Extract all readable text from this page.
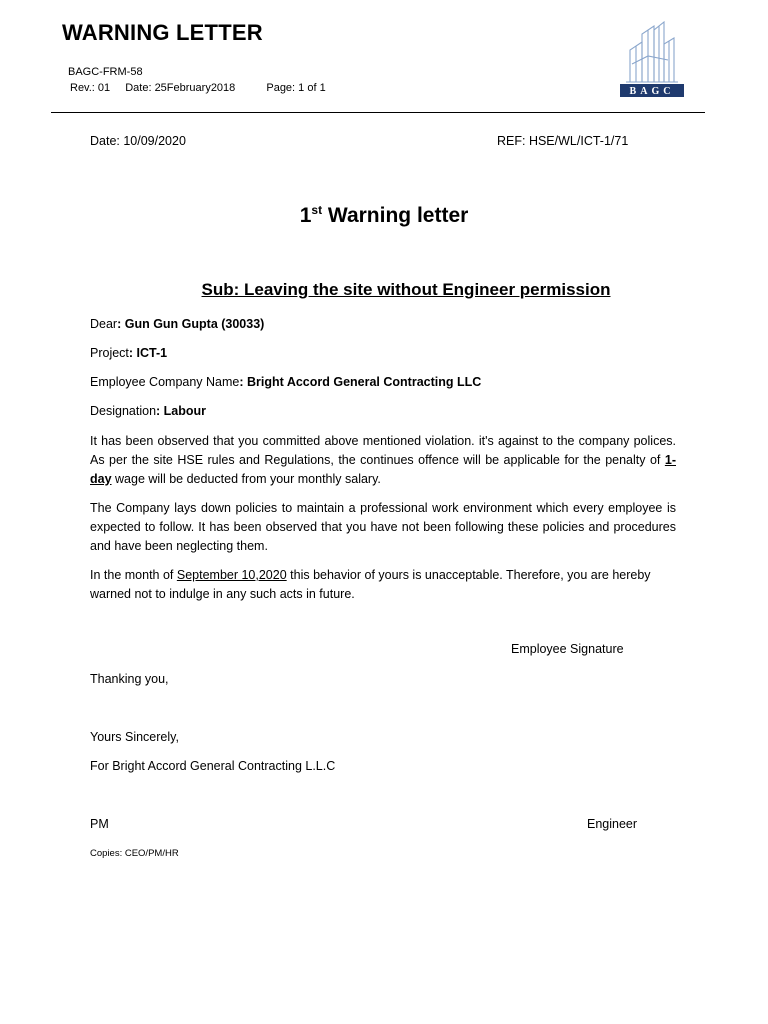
WARNING LETTER
BAGC-FRM-58
Rev.: 01 Date: 25February2018	Page: 1 of 1	BAGC
Date: 10/09/2020	REF: HSE/WL/ICT-1/71
1st Warning letter
Sub: Leaving the site without Engineer permission
Dear: Gun Gun Gupta (30033)
Project: ICT-1
Employee Company Name: Bright Accord General Contracting LLC
Designation: Labour
It has been observed that you committed above mentioned violation. it's against to the company polices. As per the site HSE rules and Regulations, the continues offence will be applicable for the penalty of 1-day wage will be deducted from your monthly salary.
The Company lays down policies to maintain a professional work environment which every employee is expected to follow. It has been observed that you have not been following these policies and procedures and have been neglecting them.
In the month of September 10,2020 this behavior of yours is unacceptable. Therefore, you are hereby warned not to indulge in any such acts in future.
Employee Signature
Thanking you,
Yours Sincerely,
For Bright Accord General Contracting L.L.C
PM	Engineer
Copies: CEO/PM/HR
